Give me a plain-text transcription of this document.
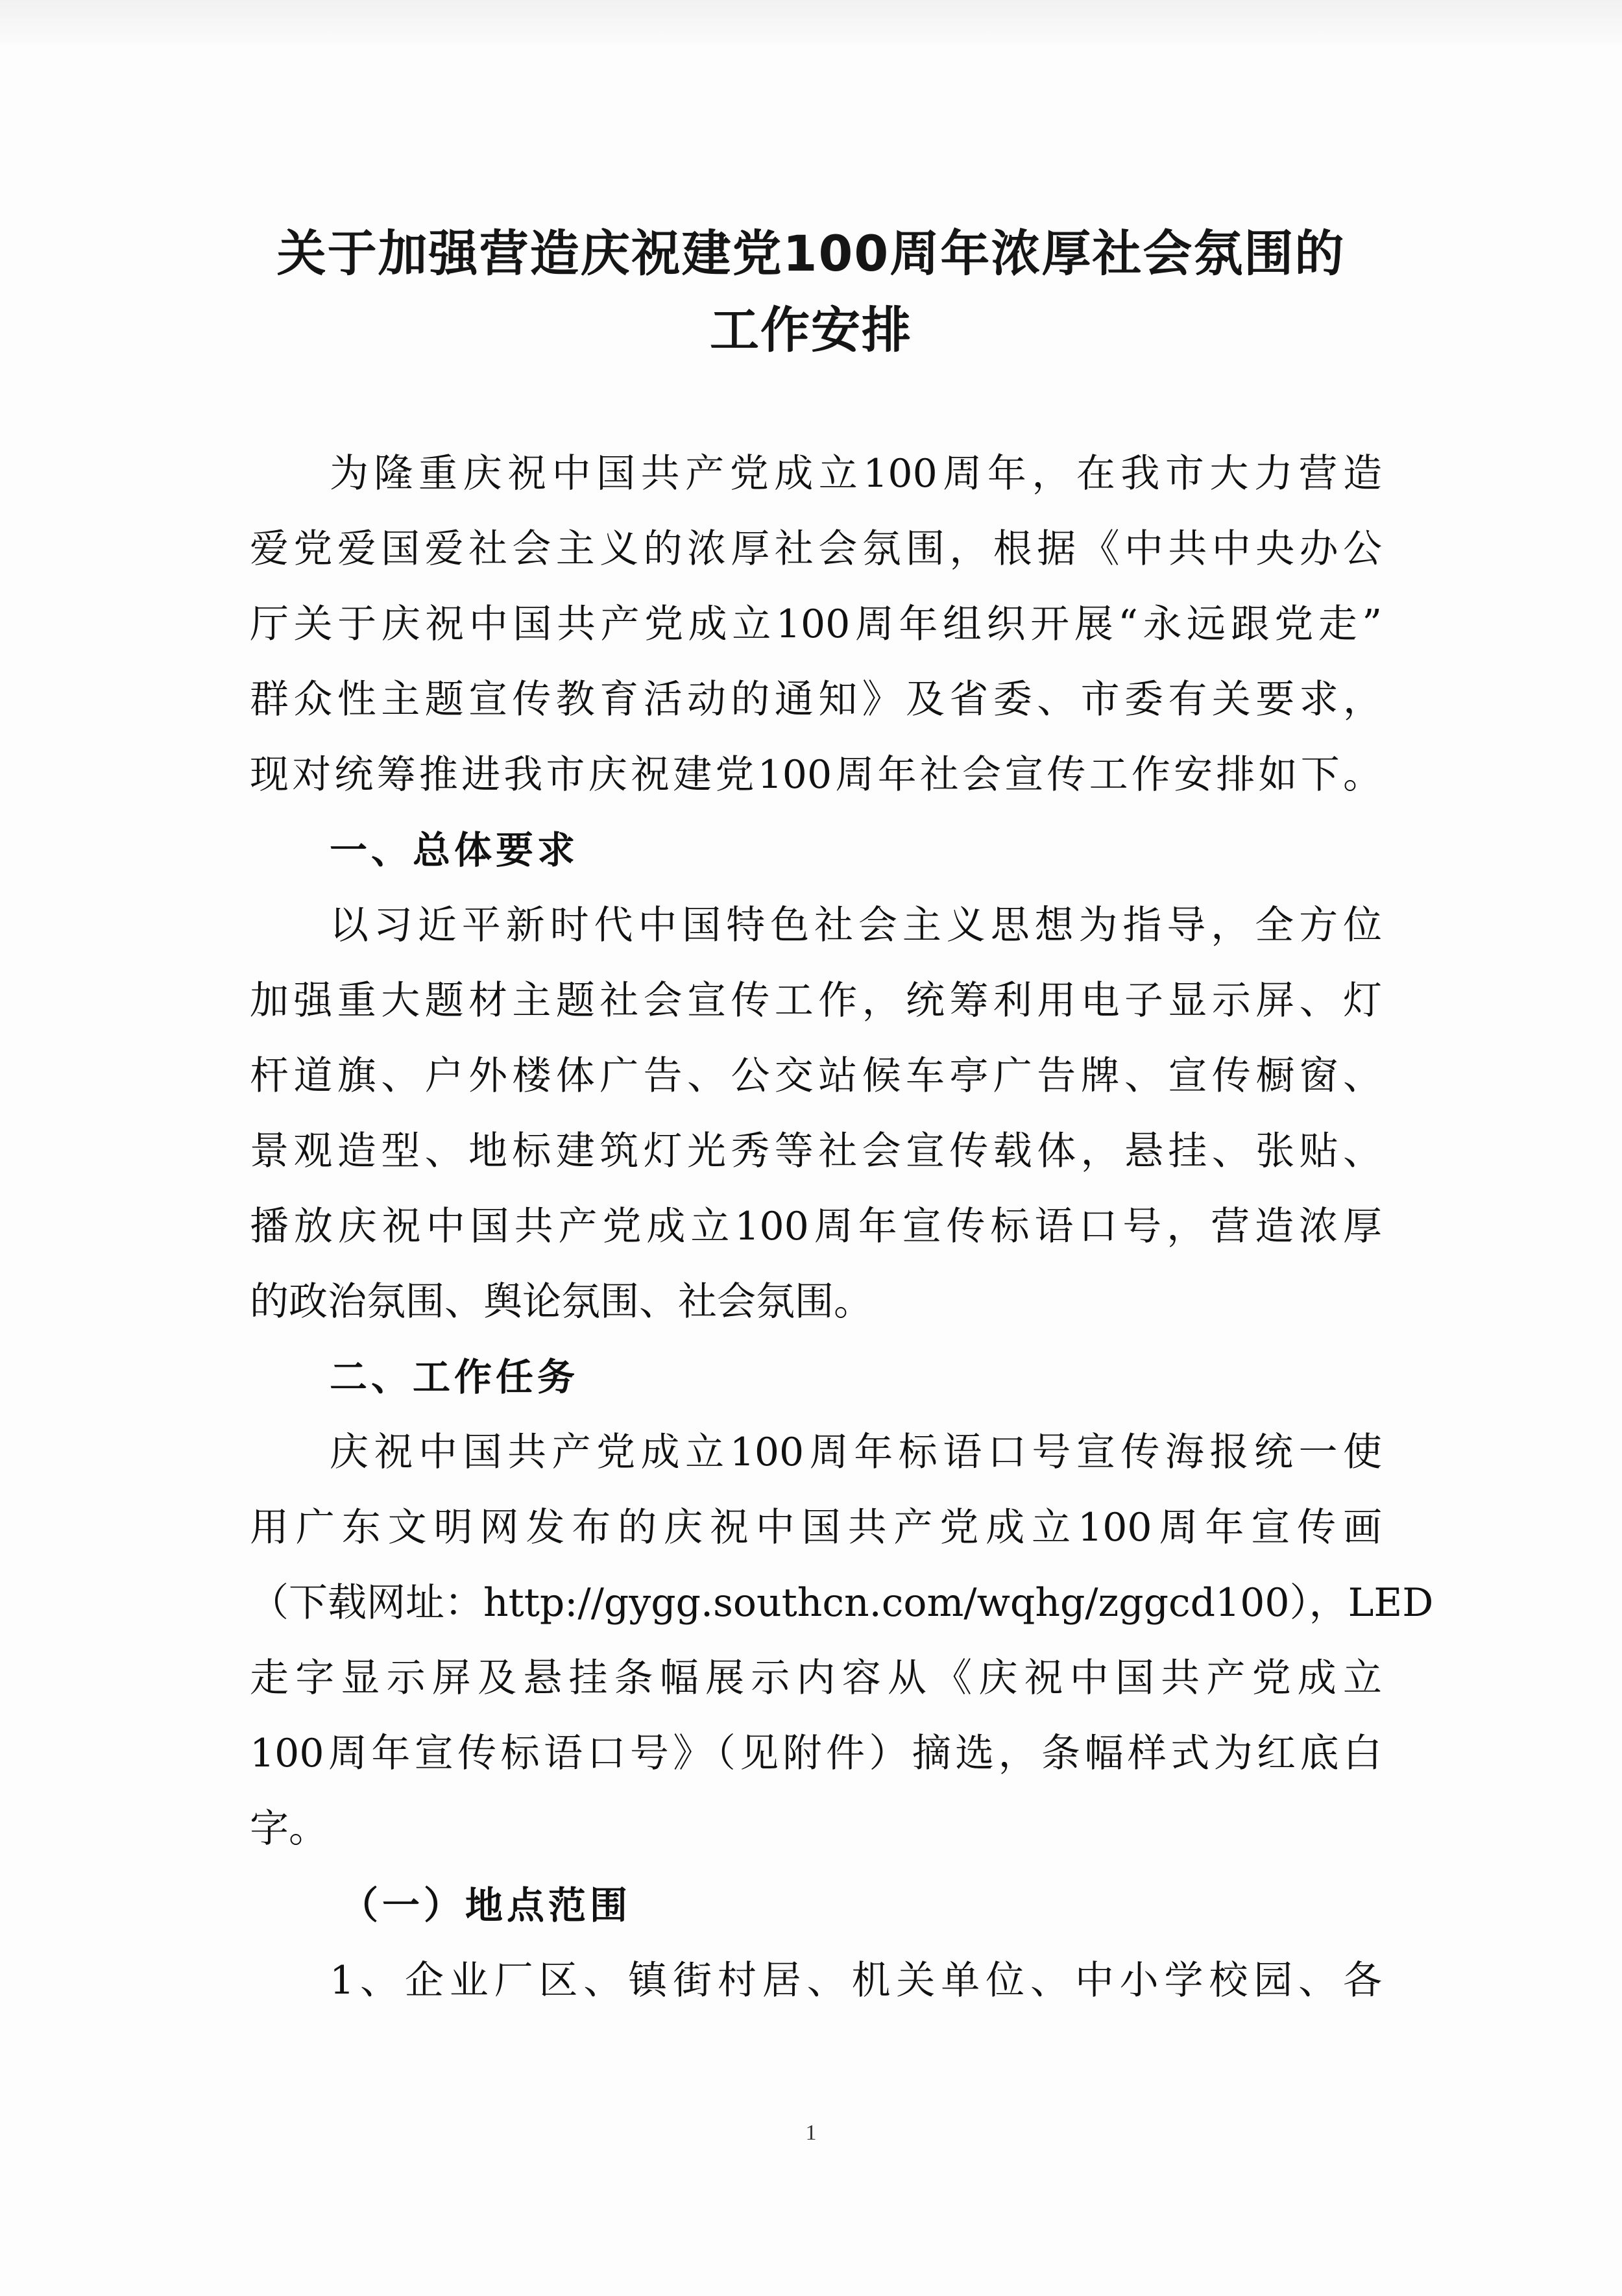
关于加强营造庆祝建党100周年浓厚社会氛围的
工作安排
为隆重庆祝中国共产党成立100周年，在我市大力营造
爱党爱国爱社会主义的浓厚社会氛围，根据《中共中央办公
厅关于庆祝中国共产党成立100周年组织开展“永远跟党走”
群众性主题宣传教育活动的通知》及省委、市委有关要求，
现对统筹推进我市庆祝建党100周年社会宣传工作安排如下。
一、总体要求
以习近平新时代中国特色社会主义思想为指导，全方位
加强重大题材主题社会宣传工作，统筹利用电子显示屏、灯
杆道旗、户外楼体广告、公交站候车亭广告牌、宣传橱窗、
景观造型、地标建筑灯光秀等社会宣传载体，悬挂、张贴、
播放庆祝中国共产党成立100周年宣传标语口号，营造浓厚
的政治氛围、舆论氛围、社会氛围。
二、工作任务
庆祝中国共产党成立100周年标语口号宣传海报统一使
用广东文明网发布的庆祝中国共产党成立100周年宣传画
（下载网址：http://gygg.southcn.com/wqhg/zggcd100），LED
走字显示屏及悬挂条幅展示内容从《庆祝中国共产党成立
100周年宣传标语口号》（见附件）摘选，条幅样式为红底白
字。
（一）地点范围
1、企业厂区、镇街村居、机关单位、中小学校园、各
1
